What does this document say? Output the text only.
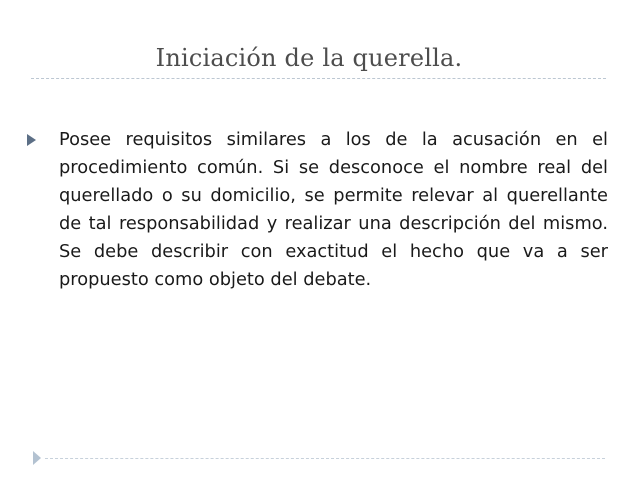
Iniciación de la querella.

Posee requisitos similares a los de la acusación en el procedimiento común. Si se desconoce el nombre real del querellado o su domicilio, se permite relevar al querellante de tal responsabilidad y realizar una descripción del mismo. Se debe describir con exactitud el hecho que va a ser propuesto como objeto del debate.
